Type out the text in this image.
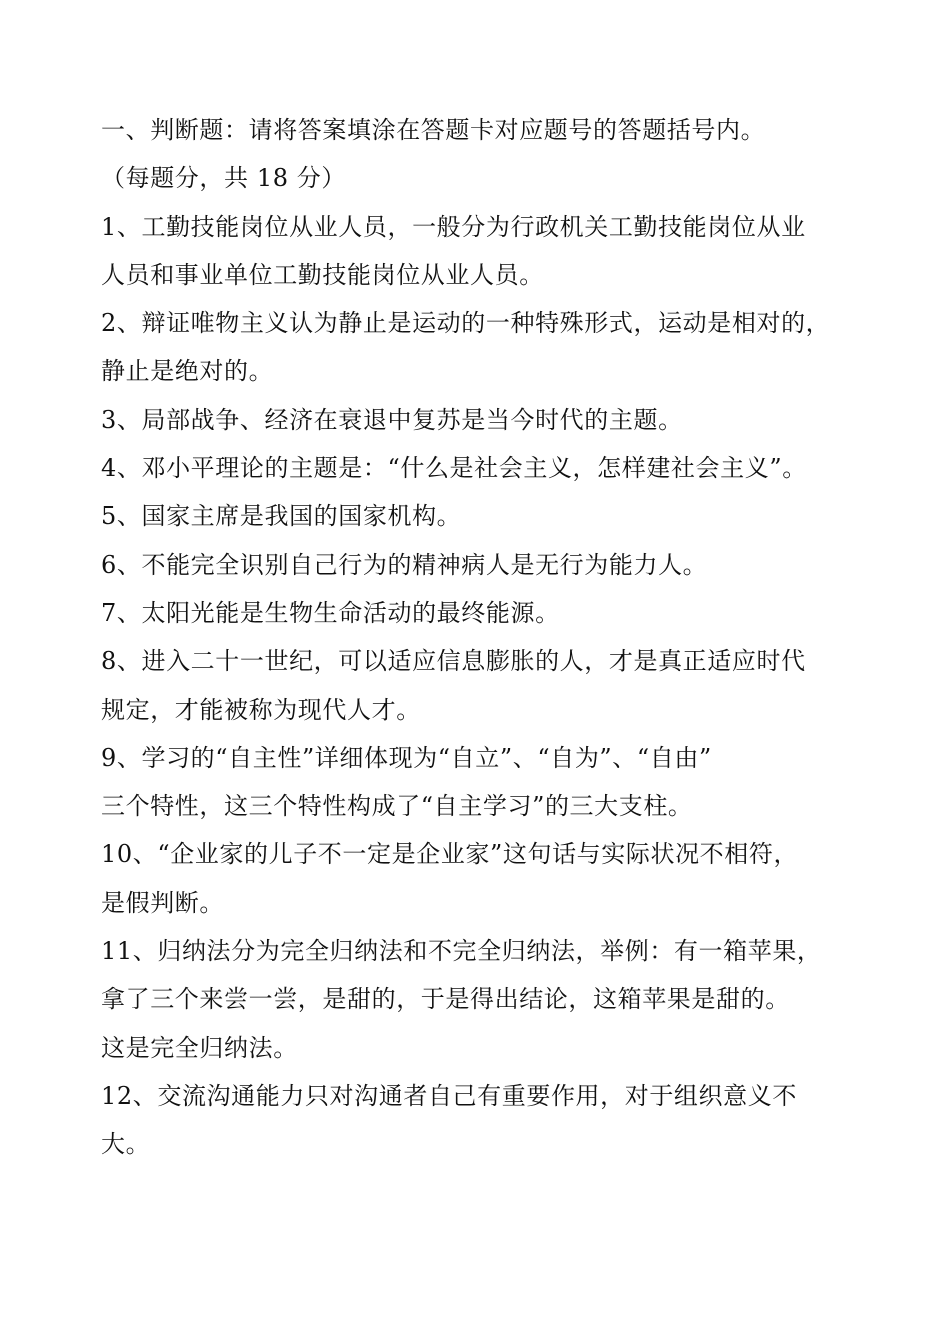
一、判断题：请将答案填涂在答题卡对应题号的答题括号内。
（每题分，共 18 分）
1、工勤技能岗位从业人员，一般分为行政机关工勤技能岗位从业
人员和事业单位工勤技能岗位从业人员。
2、辩证唯物主义认为静止是运动的一种特殊形式，运动是相对的，
静止是绝对的。
3、局部战争、经济在衰退中复苏是当今时代的主题。
4、邓小平理论的主题是：“什么是社会主义，怎样建社会主义”。
5、国家主席是我国的国家机构。
6、不能完全识别自己行为的精神病人是无行为能力人。
7、太阳光能是生物生命活动的最终能源。
8、进入二十一世纪，可以适应信息膨胀的人，才是真正适应时代
规定，才能被称为现代人才。
9、学习的“自主性”详细体现为“自立”、“自为”、“自由”
三个特性，这三个特性构成了“自主学习”的三大支柱。
10、“企业家的儿子不一定是企业家”这句话与实际状况不相符，
是假判断。
11、归纳法分为完全归纳法和不完全归纳法，举例：有一箱苹果，
拿了三个来尝一尝，是甜的，于是得出结论，这箱苹果是甜的。
这是完全归纳法。
12、交流沟通能力只对沟通者自己有重要作用，对于组织意义不
大。
